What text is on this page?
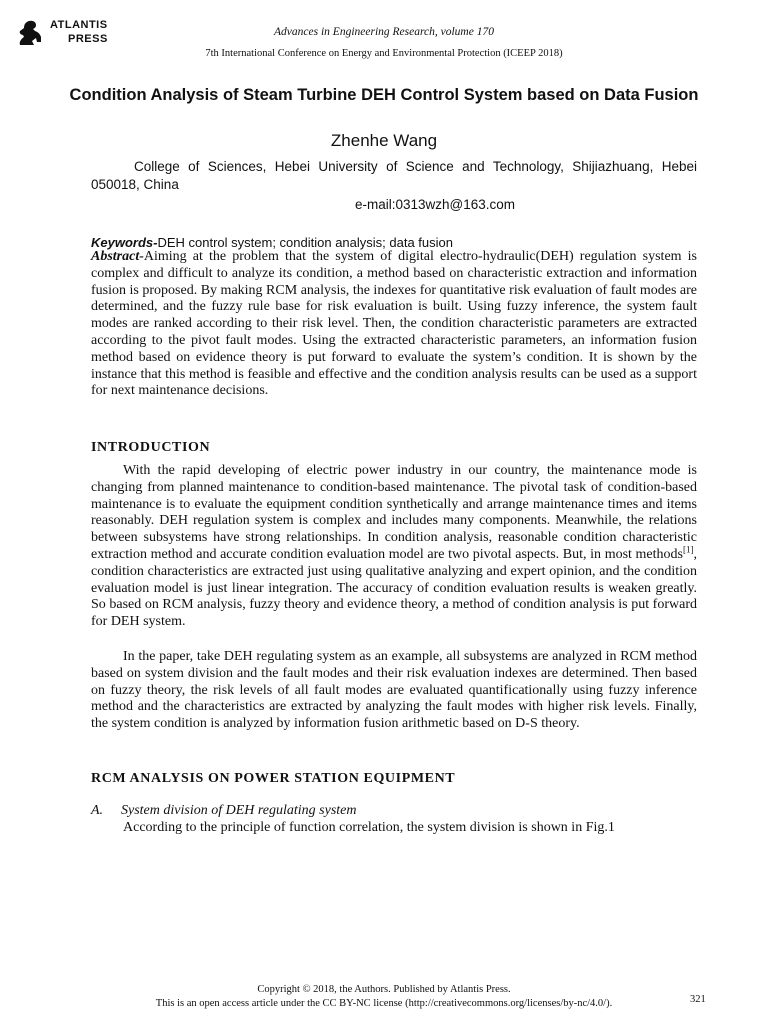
ATLANTIS
PRESS
Advances in Engineering Research, volume 170
7th International Conference on Energy and Environmental Protection (ICEEP 2018)
Condition Analysis of Steam Turbine DEH Control System based on Data Fusion
Zhenhe Wang
College of Sciences, Hebei University of Science and Technology, Shijiazhuang, Hebei 050018, China
e-mail:0313wzh@163.com
Keywords-DEH control system; condition analysis; data fusion
Abstract-Aiming at the problem that the system of digital electro-hydraulic(DEH) regulation system is complex and difficult to analyze its condition, a method based on characteristic extraction and information fusion is proposed. By making RCM analysis, the indexes for quantitative risk evaluation of fault modes are determined, and the fuzzy rule base for risk evaluation is built. Using fuzzy inference, the system fault modes are ranked according to their risk level. Then, the condition characteristic parameters are extracted according to the pivot fault modes. Using the extracted characteristic parameters, an information fusion method based on evidence theory is put forward to evaluate the system’s condition. It is shown by the instance that this method is feasible and effective and the condition analysis results can be used as a support for next maintenance decisions.
INTRODUCTION
With the rapid developing of electric power industry in our country, the maintenance mode is changing from planned maintenance to condition-based maintenance. The pivotal task of condition-based maintenance is to evaluate the equipment condition synthetically and arrange maintenance times and items reasonably. DEH regulation system is complex and includes many components. Meanwhile, the relations between subsystems have strong relationships. In condition analysis, reasonable condition characteristic extraction method and accurate condition evaluation model are two pivotal aspects. But, in most methods[1], condition characteristics are extracted just using qualitative analyzing and expert opinion, and the condition evaluation model is just linear integration. The accuracy of condition evaluation results is weaken greatly. So based on RCM analysis, fuzzy theory and evidence theory, a method of condition analysis is put forward for DEH system.
In the paper, take DEH regulating system as an example, all subsystems are analyzed in RCM method based on system division and the fault modes and their risk evaluation indexes are determined. Then based on fuzzy theory, the risk levels of all fault modes are evaluated quantificationally using fuzzy inference method and the characteristics are extracted by analyzing the fault modes with higher risk levels. Finally, the system condition is analyzed by information fusion arithmetic based on D-S theory.
RCM ANALYSIS ON POWER STATION EQUIPMENT
A. System division of DEH regulating system
According to the principle of function correlation, the system division is shown in Fig.1
Copyright © 2018, the Authors. Published by Atlantis Press.
This is an open access article under the CC BY-NC license (http://creativecommons.org/licenses/by-nc/4.0/).	321
